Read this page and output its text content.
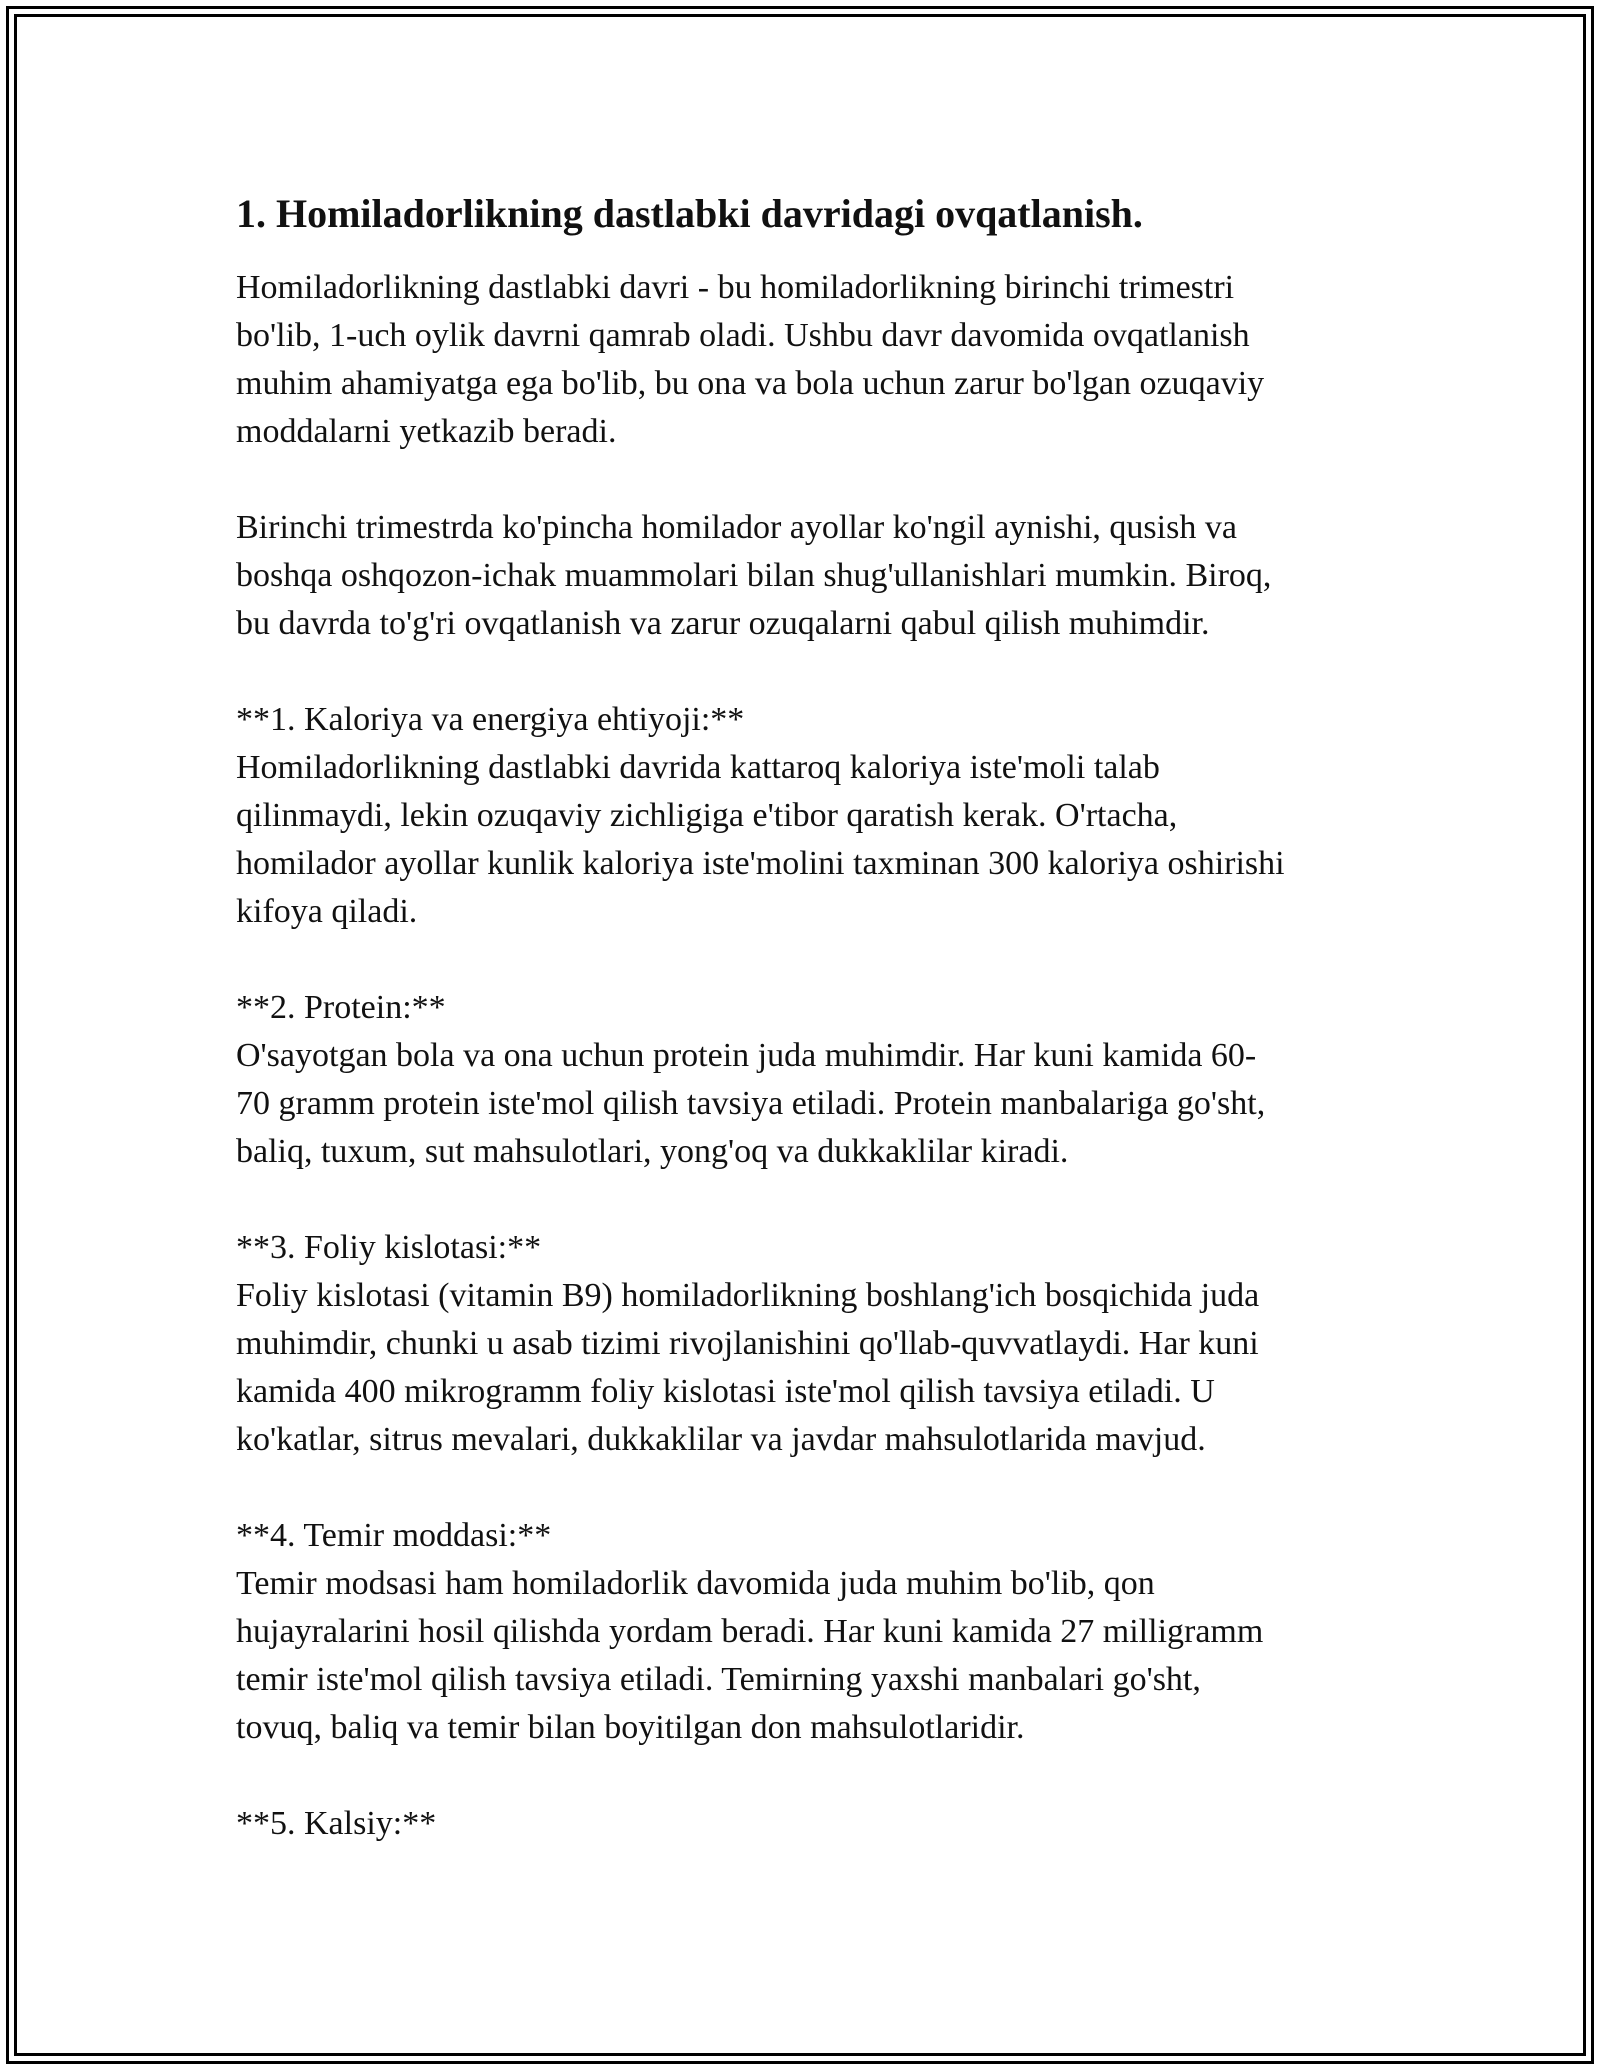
1. Homiladorlikning dastlabki davridagi ovqatlanish.

Homiladorlikning dastlabki davri - bu homiladorlikning birinchi trimestri
bo'lib, 1-uch oylik davrni qamrab oladi. Ushbu davr davomida ovqatlanish
muhim ahamiyatga ega bo'lib, bu ona va bola uchun zarur bo'lgan ozuqaviy
moddalarni yetkazib beradi.

Birinchi trimestrda ko'pincha homilador ayollar ko'ngil aynishi, qusish va
boshqa oshqozon-ichak muammolari bilan shug'ullanishlari mumkin. Biroq,
bu davrda to'g'ri ovqatlanish va zarur ozuqalarni qabul qilish muhimdir.

**1. Kaloriya va energiya ehtiyoji:**
Homiladorlikning dastlabki davrida kattaroq kaloriya iste'moli talab
qilinmaydi, lekin ozuqaviy zichligiga e'tibor qaratish kerak. O'rtacha,
homilador ayollar kunlik kaloriya iste'molini taxminan 300 kaloriya oshirishi
kifoya qiladi.

**2. Protein:**
O'sayotgan bola va ona uchun protein juda muhimdir. Har kuni kamida 60-
70 gramm protein iste'mol qilish tavsiya etiladi. Protein manbalariga go'sht,
baliq, tuxum, sut mahsulotlari, yong'oq va dukkaklilar kiradi.

**3. Foliy kislotasi:**
Foliy kislotasi (vitamin B9) homiladorlikning boshlang'ich bosqichida juda
muhimdir, chunki u asab tizimi rivojlanishini qo'llab-quvvatlaydi. Har kuni
kamida 400 mikrogramm foliy kislotasi iste'mol qilish tavsiya etiladi. U
ko'katlar, sitrus mevalari, dukkaklilar va javdar mahsulotlarida mavjud.

**4. Temir moddasi:**
Temir modsasi ham homiladorlik davomida juda muhim bo'lib, qon
hujayralarini hosil qilishda yordam beradi. Har kuni kamida 27 milligramm
temir iste'mol qilish tavsiya etiladi. Temirning yaxshi manbalari go'sht,
tovuq, baliq va temir bilan boyitilgan don mahsulotlaridir.

**5. Kalsiy:**
